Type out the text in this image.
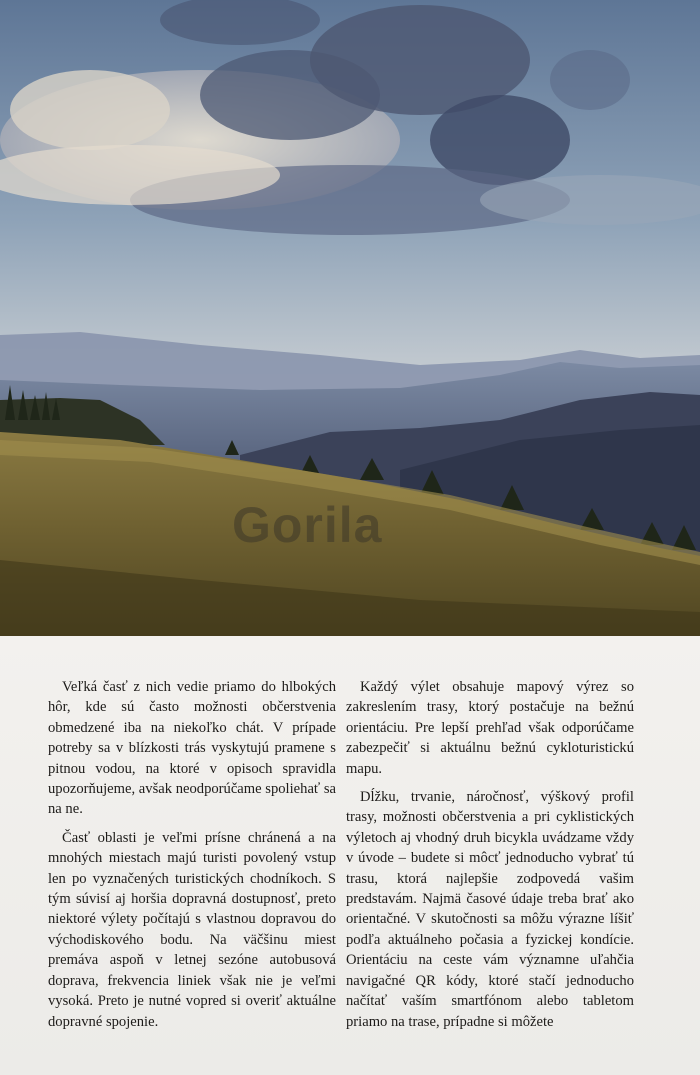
Gorila

Veľká časť z nich vedie priamo do hlbokých hôr, kde sú často možnosti občerstvenia obmedzené iba na niekoľko chát. V prípade potreby sa v blízkosti trás vyskytujú pramene s pitnou vodou, na ktoré v opisoch spravidla upozorňujeme, avšak neodporúčame spoliehať sa na ne.

Časť oblasti je veľmi prísne chránená a na mnohých miestach majú turisti povolený vstup len po vyznačených turistických chodníkoch. S tým súvisí aj horšia dopravná dostupnosť, preto niektoré výlety počítajú s vlastnou dopravou do východiskového bodu. Na väčšinu miest premáva aspoň v letnej sezóne autobusová doprava, frekvencia liniek však nie je veľmi vysoká. Preto je nutné vopred si overiť aktuálne dopravné spojenie.

Každý výlet obsahuje mapový výrez so zakreslením trasy, ktorý postačuje na bežnú orientáciu. Pre lepší prehľad však odporúčame zabezpečiť si aktuálnu bežnú cykloturistickú mapu.

Dĺžku, trvanie, náročnosť, výškový profil trasy, možnosti občerstvenia a pri cyklistických výletoch aj vhodný druh bicykla uvádzame vždy v úvode – budete si môcť jednoducho vybrať tú trasu, ktorá najlepšie zodpovedá vašim predstavám. Najmä časové údaje treba brať ako orientačné. V skutočnosti sa môžu výrazne líšiť podľa aktuálneho počasia a fyzickej kondície. Orientáciu na ceste vám významne uľahčia navigačné QR kódy, ktoré stačí jednoducho načítať vaším smartfónom alebo tabletom priamo na trase, prípadne si môžete
